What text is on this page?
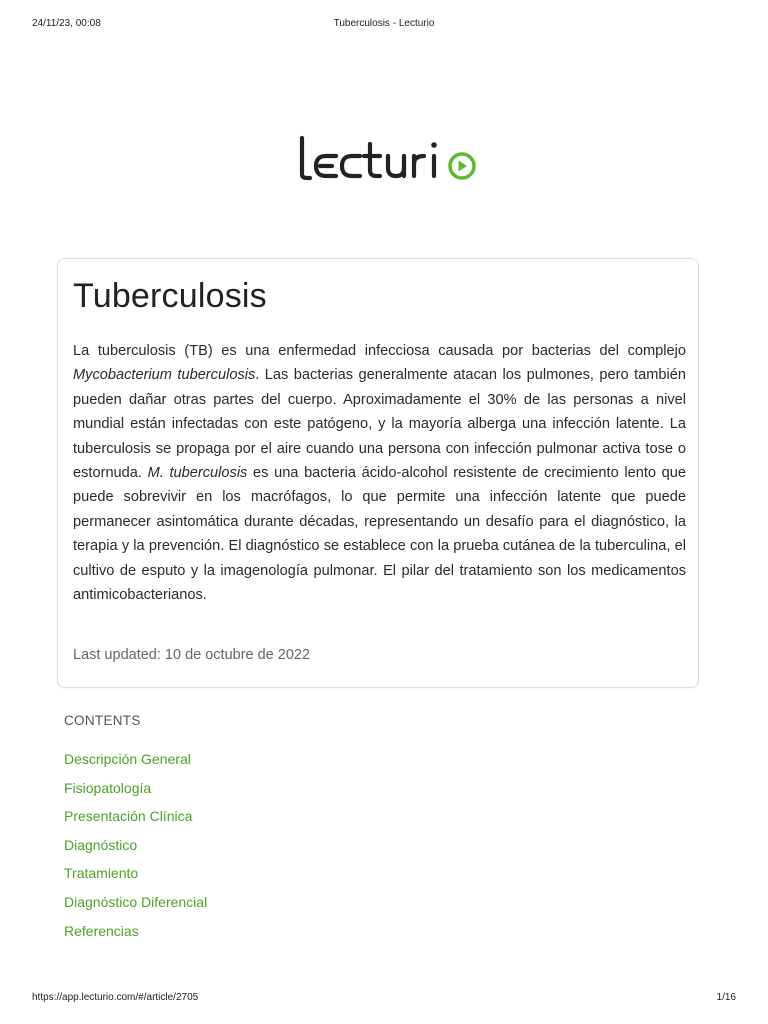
24/11/23, 00:08	Tuberculosis - Lecturio
Tuberculosis

La tuberculosis (TB) es una enfermedad infecciosa causada por bacterias del complejo Mycobacterium tuberculosis. Las bacterias generalmente atacan los pulmones, pero también pueden dañar otras partes del cuerpo. Aproximadamente el 30% de las personas a nivel mundial están infectadas con este patógeno, y la mayoría alberga una infección latente. La tuberculosis se propaga por el aire cuando una persona con infección pulmonar activa tose o estornuda. M. tuberculosis es una bacteria ácido-alcohol resistente de crecimiento lento que puede sobrevivir en los macrófagos, lo que permite una infección latente que puede permanecer asintomática durante décadas, representando un desafío para el diagnóstico, la terapia y la prevención. El diagnóstico se establece con la prueba cutánea de la tuberculina, el cultivo de esputo y la imagenología pulmonar. El pilar del tratamiento son los medicamentos antimicobacterianos.

Last updated: 10 de octubre de 2022
CONTENTS
Descripción General
Fisiopatología
Presentación Clínica
Diagnóstico
Tratamiento
Diagnóstico Diferencial
Referencias
https://app.lecturio.com/#/article/2705	1/16
